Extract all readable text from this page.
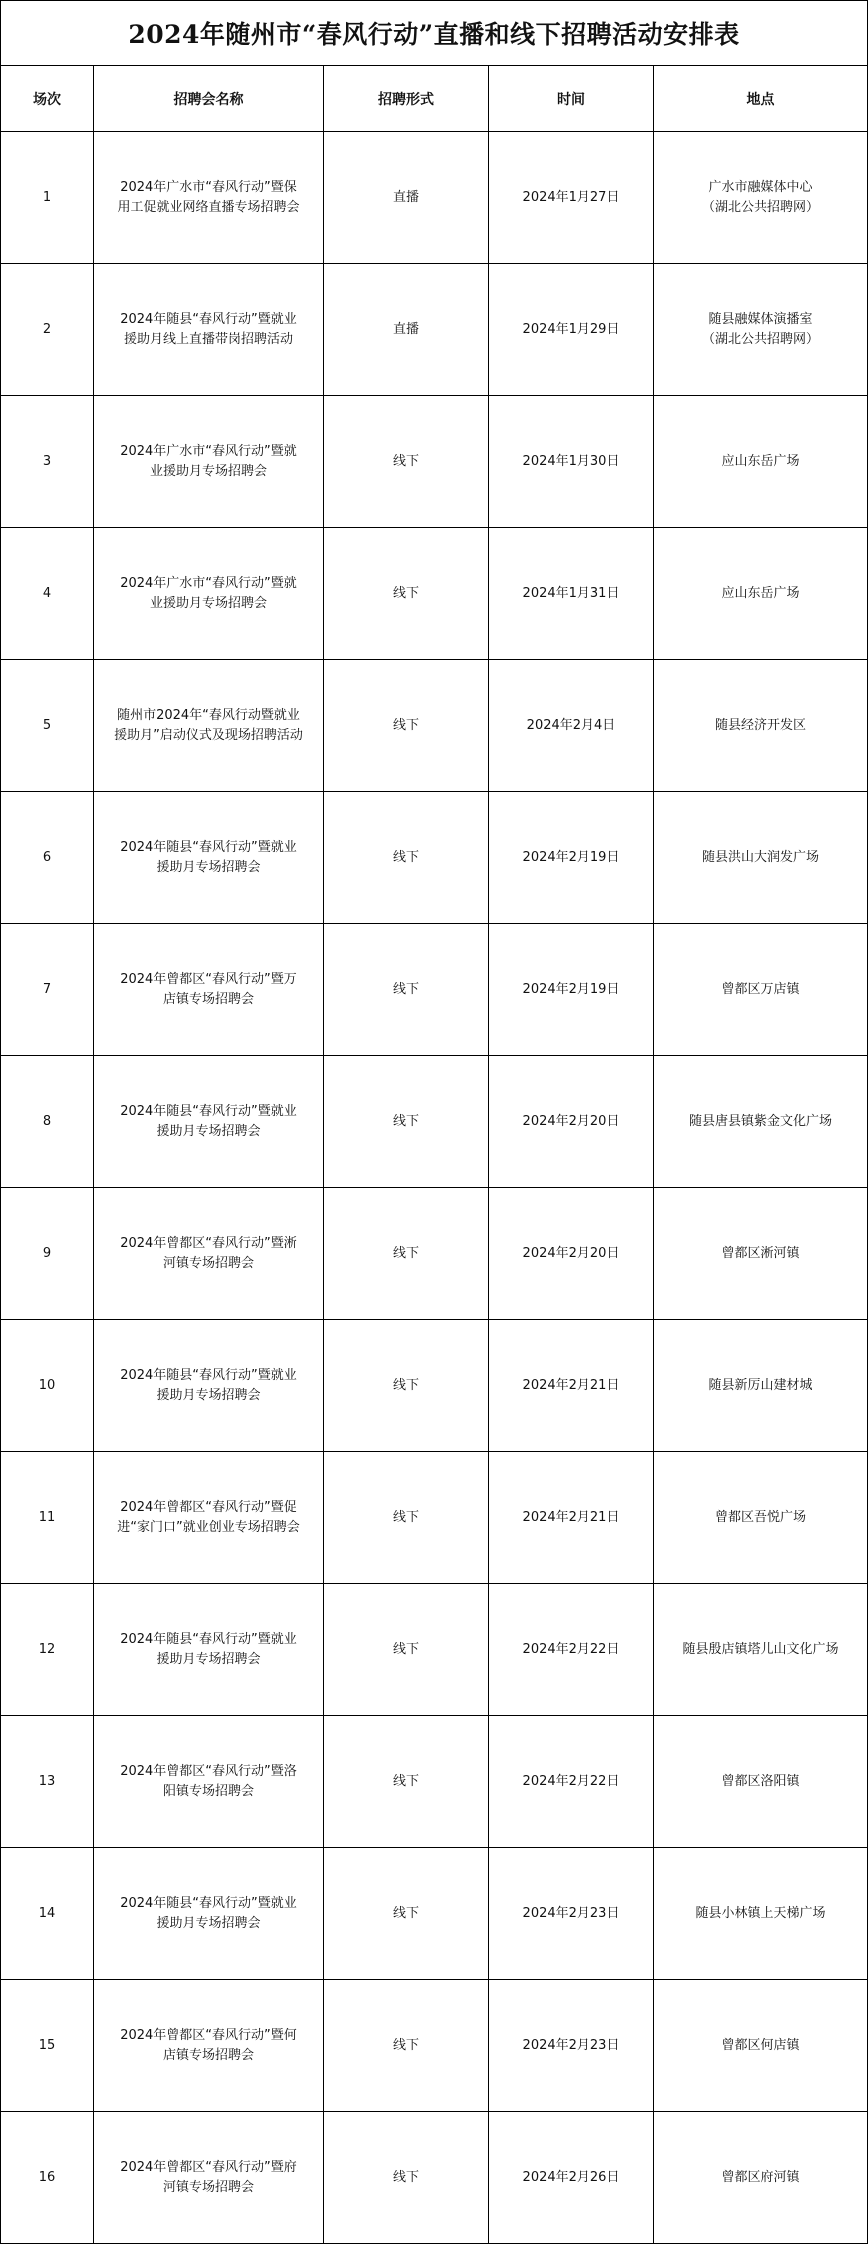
2024年随州市“春风行动”直播和线下招聘活动安排表				
场次	招聘会名称	招聘形式	时间	地点
1	2024年广水市“春风行动”暨保
用工促就业网络直播专场招聘会	直播	2024年1月27日	广水市融媒体中心
（湖北公共招聘网）

2	2024年随县“春风行动”暨就业
援助月线上直播带岗招聘活动	直播	2024年1月29日	随县融媒体演播室
（湖北公共招聘网）

3	2024年广水市“春风行动”暨就
业援助月专场招聘会	线下	2024年1月30日	应山东岳广场

4	2024年广水市“春风行动”暨就
业援助月专场招聘会	线下	2024年1月31日	应山东岳广场

5	随州市2024年“春风行动暨就业
援助月”启动仪式及现场招聘活动	线下	2024年2月4日	随县经济开发区

6	2024年随县“春风行动”暨就业
援助月专场招聘会	线下	2024年2月19日	随县洪山大润发广场

7	2024年曾都区“春风行动”暨万
店镇专场招聘会	线下	2024年2月19日	曾都区万店镇

8	2024年随县“春风行动”暨就业
援助月专场招聘会	线下	2024年2月20日	随县唐县镇紫金文化广场

9	2024年曾都区“春风行动”暨淅
河镇专场招聘会	线下	2024年2月20日	曾都区淅河镇

10	2024年随县“春风行动”暨就业
援助月专场招聘会	线下	2024年2月21日	随县新厉山建材城

11	2024年曾都区“春风行动”暨促
进“家门口”就业创业专场招聘会	线下	2024年2月21日	曾都区吾悦广场

12	2024年随县“春风行动”暨就业
援助月专场招聘会	线下	2024年2月22日	随县殷店镇塔儿山文化广场

13	2024年曾都区“春风行动”暨洛
阳镇专场招聘会	线下	2024年2月22日	曾都区洛阳镇

14	2024年随县“春风行动”暨就业
援助月专场招聘会	线下	2024年2月23日	随县小林镇上天梯广场

15	2024年曾都区“春风行动”暨何
店镇专场招聘会	线下	2024年2月23日	曾都区何店镇

16	2024年曾都区“春风行动”暨府
河镇专场招聘会	线下	2024年2月26日	曾都区府河镇
